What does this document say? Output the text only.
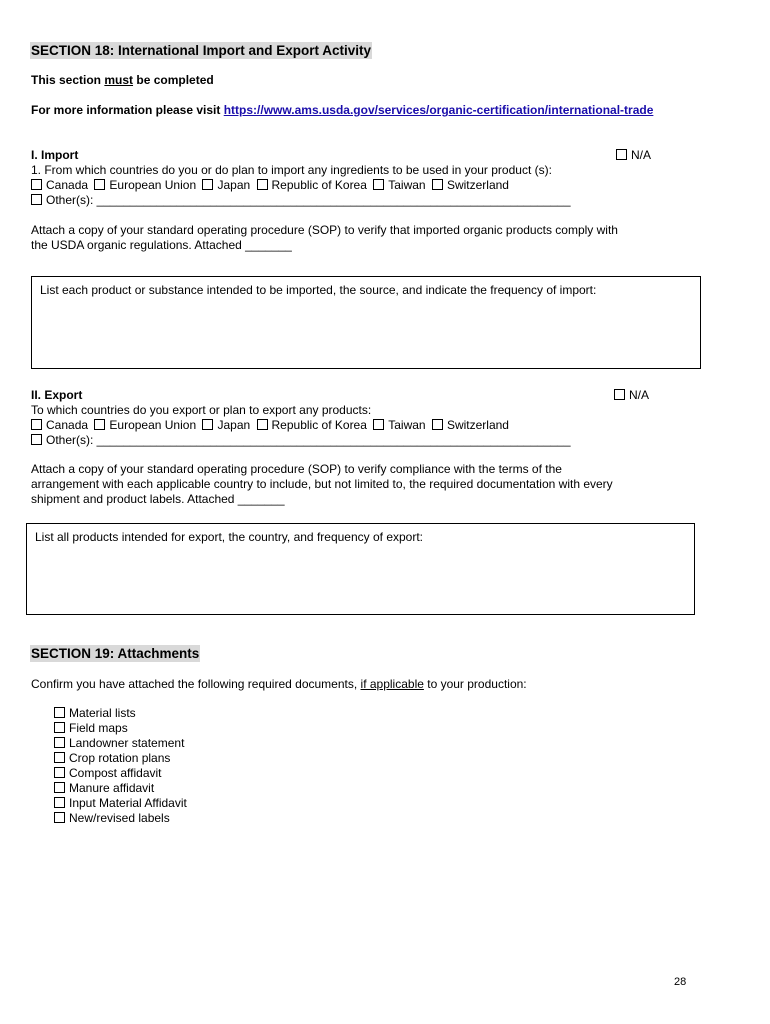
SECTION 18: International Import and Export Activity
This section must be completed
For more information please visit https://www.ams.usda.gov/services/organic-certification/international-trade
I. Import	N/A
1. From which countries do you or do plan to import any ingredients to be used in your product (s):
Canada European Union Japan Republic of Korea Taiwan Switzerland
Other(s): _______________________________________________________________________
Attach a copy of your standard operating procedure (SOP) to verify that imported organic products comply with
the USDA organic regulations. Attached _______
List each product or substance intended to be imported, the source, and indicate the frequency of import:
II. Export	N/A
To which countries do you export or plan to export any products:
Canada European Union Japan Republic of Korea Taiwan Switzerland
Other(s): _______________________________________________________________________
Attach a copy of your standard operating procedure (SOP) to verify compliance with the terms of the
arrangement with each applicable country to include, but not limited to, the required documentation with every
shipment and product labels. Attached _______
List all products intended for export, the country, and frequency of export:
SECTION 19: Attachments
Confirm you have attached the following required documents, if applicable to your production:
Material lists
Field maps
Landowner statement
Crop rotation plans
Compost affidavit
Manure affidavit
Input Material Affidavit
New/revised labels
28
